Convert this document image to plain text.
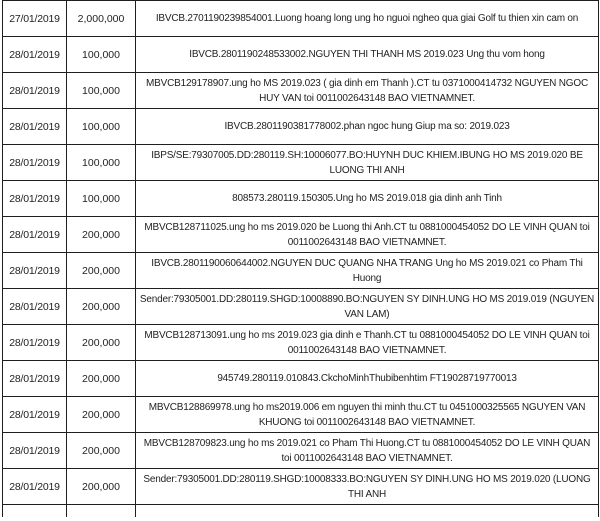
27/01/2019	2,000,000	IBVCB.2701190239854001.Luong hoang long ung ho nguoi ngheo qua giai Golf tu thien xin cam on
28/01/2019	100,000	IBVCB.2801190248533002.NGUYEN THI THANH MS 2019.023 Ung thu vom hong
28/01/2019	100,000	MBVCB129178907.ung ho MS 2019.023 ( gia dinh em Thanh ).CT tu 0371000414732 NGUYEN NGOC HUY VAN toi 0011002643148 BAO VIETNAMNET.
28/01/2019	100,000	IBVCB.2801190381778002.phan ngoc hung Giup ma so: 2019.023
28/01/2019	100,000	IBPS/SE:79307005.DD:280119.SH:10006077.BO:HUYNH DUC KHIEM.IBUNG HO MS 2019.020 BE LUONG THI ANH
28/01/2019	100,000	808573.280119.150305.Ung ho MS 2019.018 gia dinh anh Tinh
28/01/2019	200,000	MBVCB128711025.ung ho ms 2019.020 be Luong thi Anh.CT tu 0881000454052 DO LE VINH QUAN toi 0011002643148 BAO VIETNAMNET.
28/01/2019	200,000	IBVCB.2801190060644002.NGUYEN DUC QUANG NHA TRANG Ung ho MS 2019.021 co Pham Thi Huong
28/01/2019	200,000	Sender:79305001.DD:280119.SHGD:10008890.BO:NGUYEN SY DINH.UNG HO MS 2019.019 (NGUYEN VAN LAM)
28/01/2019	200,000	MBVCB128713091.ung ho ms 2019.023 gia dinh e Thanh.CT tu 0881000454052 DO LE VINH QUAN toi 0011002643148 BAO VIETNAMNET.
28/01/2019	200,000	945749.280119.010843.CkchoMinhThubibenhtim FT19028719770013
28/01/2019	200,000	MBVCB128869978.ung ho ms2019.006 em nguyen thi minh thu.CT tu 0451000325565 NGUYEN VAN KHUONG toi 0011002643148 BAO VIETNAMNET.
28/01/2019	200,000	MBVCB128709823.ung ho ms 2019.021 co Pham Thi Huong.CT tu 0881000454052 DO LE VINH QUAN toi 0011002643148 BAO VIETNAMNET.
28/01/2019	200,000	Sender:79305001.DD:280119.SHGD:10008333.BO:NGUYEN SY DINH.UNG HO MS 2019.020 (LUONG THI ANH
